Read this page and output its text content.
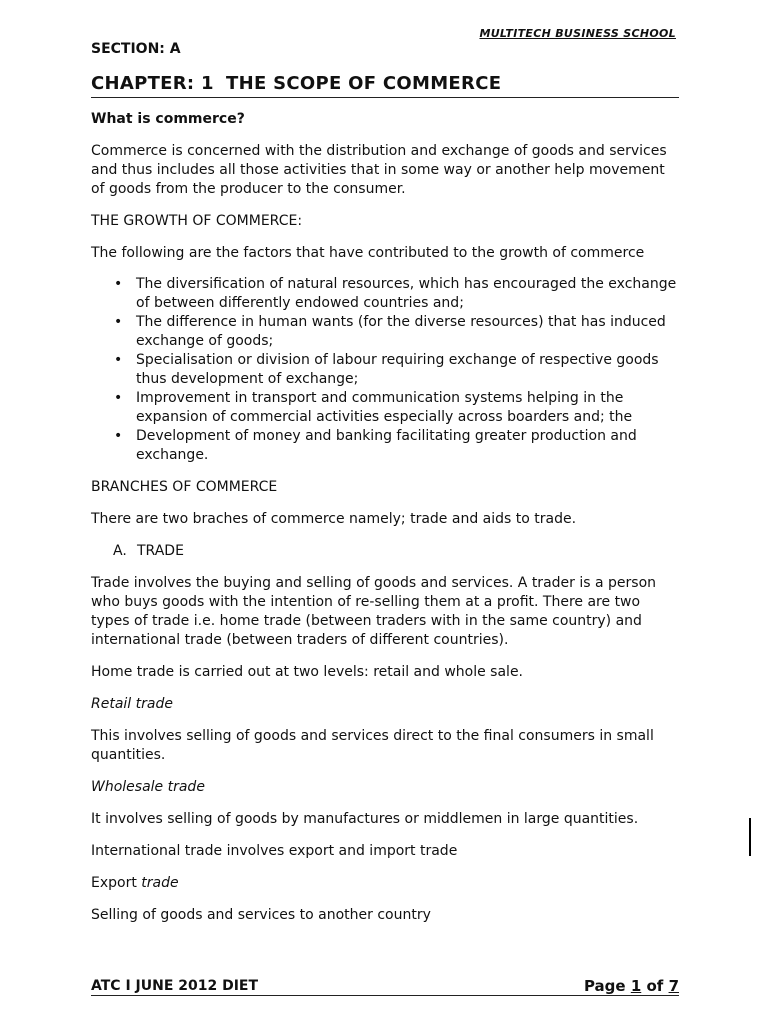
MULTITECH BUSINESS SCHOOL

SECTION: A

CHAPTER: 1 THE SCOPE OF COMMERCE

What is commerce?

Commerce is concerned with the distribution and exchange of goods and services and thus includes all those activities that in some way or another help movement of goods from the producer to the consumer.

THE GROWTH OF COMMERCE:

The following are the factors that have contributed to the growth of commerce

• The diversification of natural resources, which has encouraged the exchange of between differently endowed countries and;
• The difference in human wants (for the diverse resources) that has induced exchange of goods;
• Specialisation or division of labour requiring exchange of respective goods thus development of exchange;
• Improvement in transport and communication systems helping in the expansion of commercial activities especially across boarders and; the
• Development of money and banking facilitating greater production and exchange.

BRANCHES OF COMMERCE

There are two braches of commerce namely; trade and aids to trade.

A. TRADE

Trade involves the buying and selling of goods and services. A trader is a person who buys goods with the intention of re-selling them at a profit. There are two types of trade i.e. home trade (between traders with in the same country) and international trade (between traders of different countries).

Home trade is carried out at two levels: retail and whole sale.

Retail trade

This involves selling of goods and services direct to the final consumers in small quantities.

Wholesale trade

It involves selling of goods by manufactures or middlemen in large quantities.

International trade involves export and import trade

Export trade

Selling of goods and services to another country

ATC I JUNE 2012 DIET	Page 1 of 7
